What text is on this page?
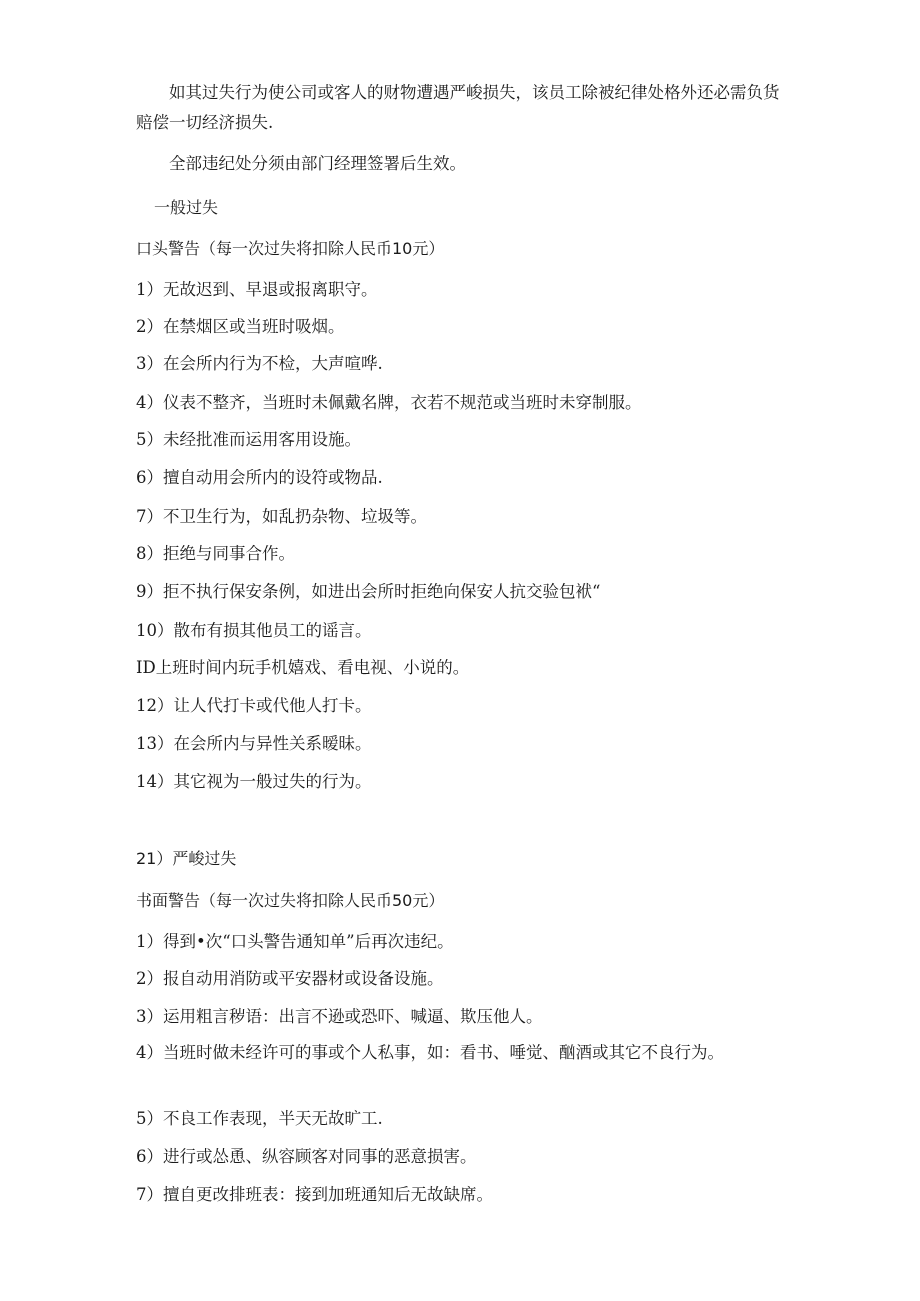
如其过失行为使公司或客人的财物遭遇严峻损失，该员工除被纪律处格外还必需负货赔偿一切经济损失.
全部违纪处分须由部门经理签署后生效。
一般过失
口头警告（每一次过失将扣除人民币10元）
1）无故迟到、早退或报离职守。
2）在禁烟区或当班时吸烟。
3）在会所内行为不检，大声喧哗.
4）仪表不整齐，当班时未佩戴名牌，衣若不规范或当班时未穿制服。
5）未经批准而运用客用设施。
6）擅自动用会所内的设符或物品.
7）不卫生行为，如乱扔杂物、垃圾等。
8）拒绝与同事合作。
9）拒不执行保安条例，如进出会所时拒绝向保安人抗交验包袱“
10）散布有损其他员工的谣言。
ID上班时间内玩手机嬉戏、看电视、小说的。
12）让人代打卡或代他人打卡。
13）在会所内与异性关系暧昧。
14）其它视为一般过失的行为。
21）严峻过失
书面警告（每一次过失将扣除人民币50元）
1）得到•次“口头警告通知单”后再次违纪。
2）报自动用消防或平安器材或设备设施。
3）运用粗言秽语：出言不逊或恐吓、喊逼、欺压他人。
4）当班时做未经许可的事或个人私事，如：看书、唾觉、酗酒或其它不良行为。
5）不良工作表现，半天无故旷工.
6）进行或怂恿、纵容顾客对同事的恶意损害。
7）擅自更改排班表：接到加班通知后无故缺席。
